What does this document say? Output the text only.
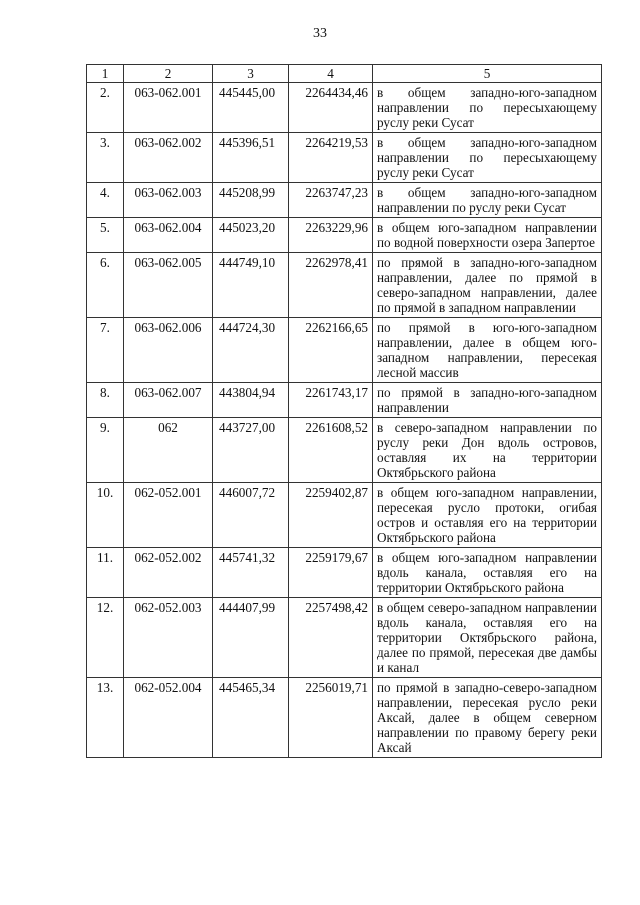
33
1	2	3	4	5
2.	063-062.001	445445,00	2264434,46	в общем западно-юго-западном направлении по пересыхающему руслу реки Сусат
3.	063-062.002	445396,51	2264219,53	в общем западно-юго-западном направлении по пересыхающему руслу реки Сусат
4.	063-062.003	445208,99	2263747,23	в общем западно-юго-западном направлении по руслу реки Сусат
5.	063-062.004	445023,20	2263229,96	в общем юго-западном направлении по водной поверхности озера Запертое
6.	063-062.005	444749,10	2262978,41	по прямой в западно-юго-западном направлении, далее по прямой в северо-западном направлении, далее по прямой в западном направлении
7.	063-062.006	444724,30	2262166,65	по прямой в юго-юго-западном направлении, далее в общем юго-западном направлении, пересекая лесной массив
8.	063-062.007	443804,94	2261743,17	по прямой в западно-юго-западном направлении
9.	062	443727,00	2261608,52	в северо-западном направлении по руслу реки Дон вдоль островов, оставляя их на территории Октябрьского района
10.	062-052.001	446007,72	2259402,87	в общем юго-западном направлении, пересекая русло протоки, огибая остров и оставляя его на территории Октябрьского района
11.	062-052.002	445741,32	2259179,67	в общем юго-западном направлении вдоль канала, оставляя его на территории Октябрьского района
12.	062-052.003	444407,99	2257498,42	в общем северо-западном направлении вдоль канала, оставляя его на территории Октябрьского района, далее по прямой, пересекая две дамбы и канал
13.	062-052.004	445465,34	2256019,71	по прямой в западно-северо-западном направлении, пересекая русло реки Аксай, далее в общем северном направлении по правому берегу реки Аксай
